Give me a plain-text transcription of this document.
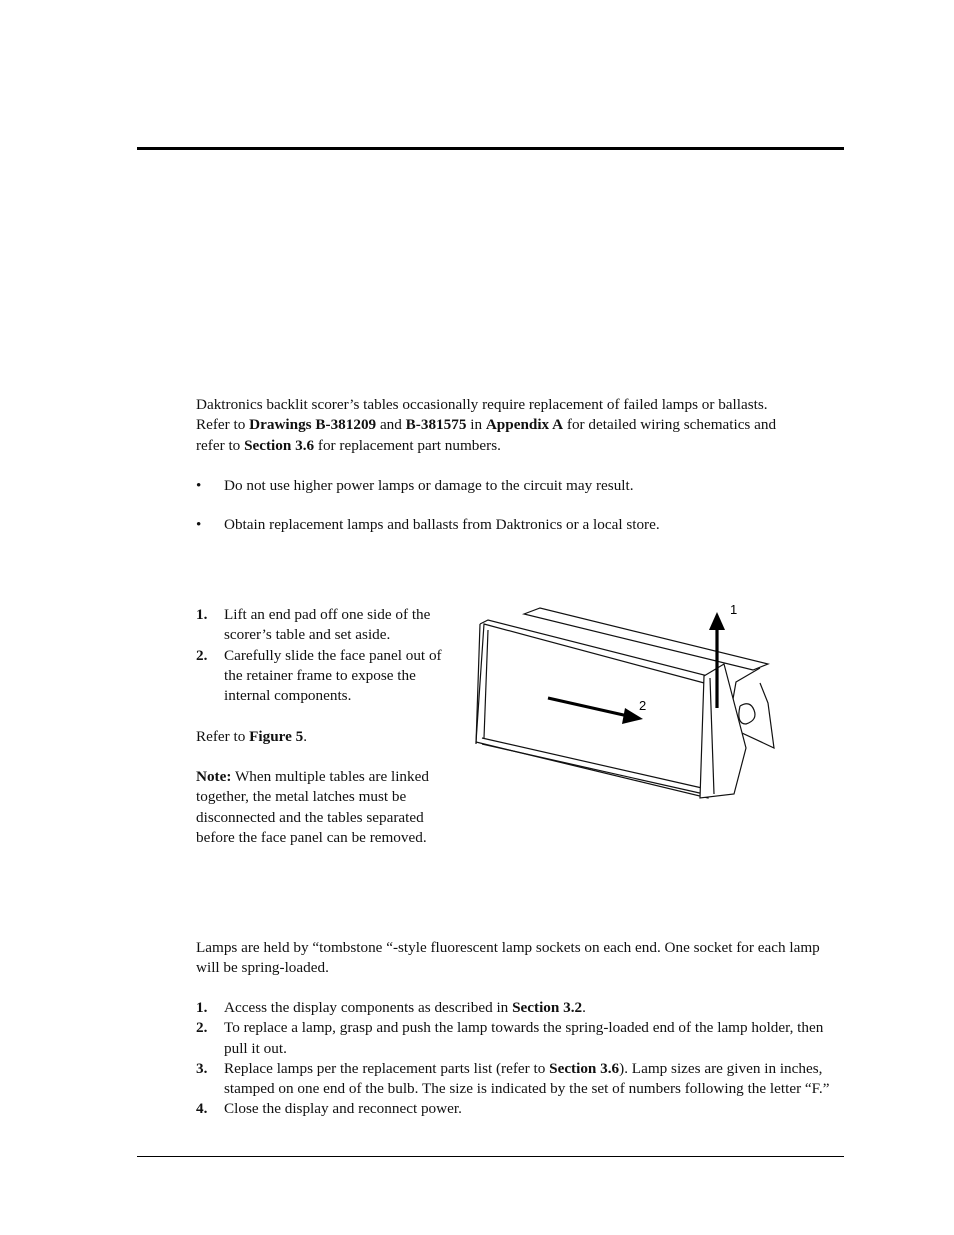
Daktronics backlit scorer’s tables occasionally require replacement of failed lamps or ballasts.
Refer to Drawings B-381209 and B-381575 in Appendix A for detailed wiring schematics and
refer to Section 3.6 for replacement part numbers.

• Do not use higher power lamps or damage to the circuit may result.
• Obtain replacement lamps and ballasts from Daktronics or a local store.
1. Lift an end pad off one side of the scorer’s table and set aside.
2. Carefully slide the face panel out of the retainer frame to expose the internal components.

Refer to Figure 5.

Note: When multiple tables are linked together, the metal latches must be disconnected and the tables separated before the face panel can be removed.

1
2

Lamps are held by “tombstone “-style fluorescent lamp sockets on each end. One socket for each lamp will be spring-loaded.

1. Access the display components as described in Section 3.2.
2. To replace a lamp, grasp and push the lamp towards the spring-loaded end of the lamp holder, then pull it out.
3. Replace lamps per the replacement parts list (refer to Section 3.6). Lamp sizes are given in inches, stamped on one end of the bulb. The size is indicated by the set of numbers following the letter “F.”
4. Close the display and reconnect power.
